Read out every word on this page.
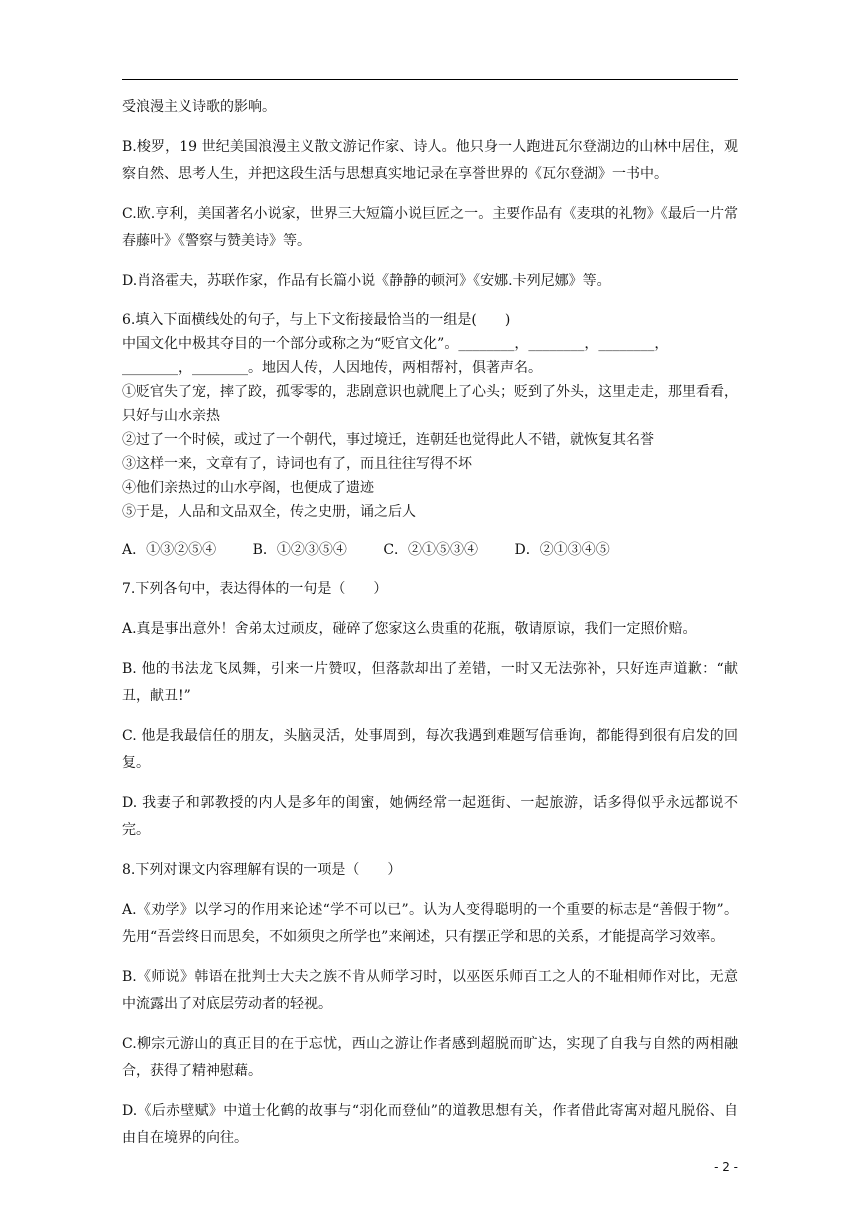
受浪漫主义诗歌的影响。

B.梭罗，19 世纪美国浪漫主义散文游记作家、诗人。他只身一人跑进瓦尔登湖边的山林中居住，观察自然、思考人生，并把这段生活与思想真实地记录在享誉世界的《瓦尔登湖》一书中。

C.欧.亨利，美国著名小说家，世界三大短篇小说巨匠之一。主要作品有《麦琪的礼物》《最后一片常春藤叶》《警察与赞美诗》等。

D.肖洛霍夫，苏联作家，作品有长篇小说《静静的顿河》《安娜.卡列尼娜》等。

6.填入下面横线处的句子，与上下文衔接最恰当的一组是(　　)

中国文化中极其夺目的一个部分或称之为“贬官文化”。________，________，________，________，________。地因人传，人因地传，两相帮衬，俱著声名。

①贬官失了宠，摔了跤，孤零零的，悲剧意识也就爬上了心头；贬到了外头，这里走走，那里看看，只好与山水亲热

②过了一个时候，或过了一个朝代，事过境迁，连朝廷也觉得此人不错，就恢复其名誉

③这样一来，文章有了，诗词也有了，而且往往写得不坏

④他们亲热过的山水亭阁，也便成了遗迹

⑤于是，人品和文品双全，传之史册，诵之后人

A．①③②⑤④	B．①②③⑤④	C．②①⑤③④	D．②①③④⑤

7.下列各句中，表达得体的一句是（　　）

A.真是事出意外！舍弟太过顽皮，碰碎了您家这么贵重的花瓶，敬请原谅，我们一定照价赔。

B. 他的书法龙飞凤舞，引来一片赞叹，但落款却出了差错，一时又无法弥补，只好连声道歉：“献丑，献丑!”

C. 他是我最信任的朋友，头脑灵活，处事周到，每次我遇到难题写信垂询，都能得到很有启发的回复。

D. 我妻子和郭教授的内人是多年的闺蜜，她俩经常一起逛街、一起旅游，话多得似乎永远都说不完。

8.下列对课文内容理解有误的一项是（　　）

A.《劝学》以学习的作用来论述“学不可以已”。认为人变得聪明的一个重要的标志是“善假于物”。先用“吾尝终日而思矣，不如须臾之所学也”来阐述，只有摆正学和思的关系，才能提高学习效率。

B.《师说》韩语在批判士大夫之族不肯从师学习时，以巫医乐师百工之人的不耻相师作对比，无意中流露出了对底层劳动者的轻视。

C.柳宗元游山的真正目的在于忘忧，西山之游让作者感到超脱而旷达，实现了自我与自然的两相融合，获得了精神慰藉。

D.《后赤壁赋》中道士化鹤的故事与“羽化而登仙”的道教思想有关，作者借此寄寓对超凡脱俗、自由自在境界的向往。

- 2 -
